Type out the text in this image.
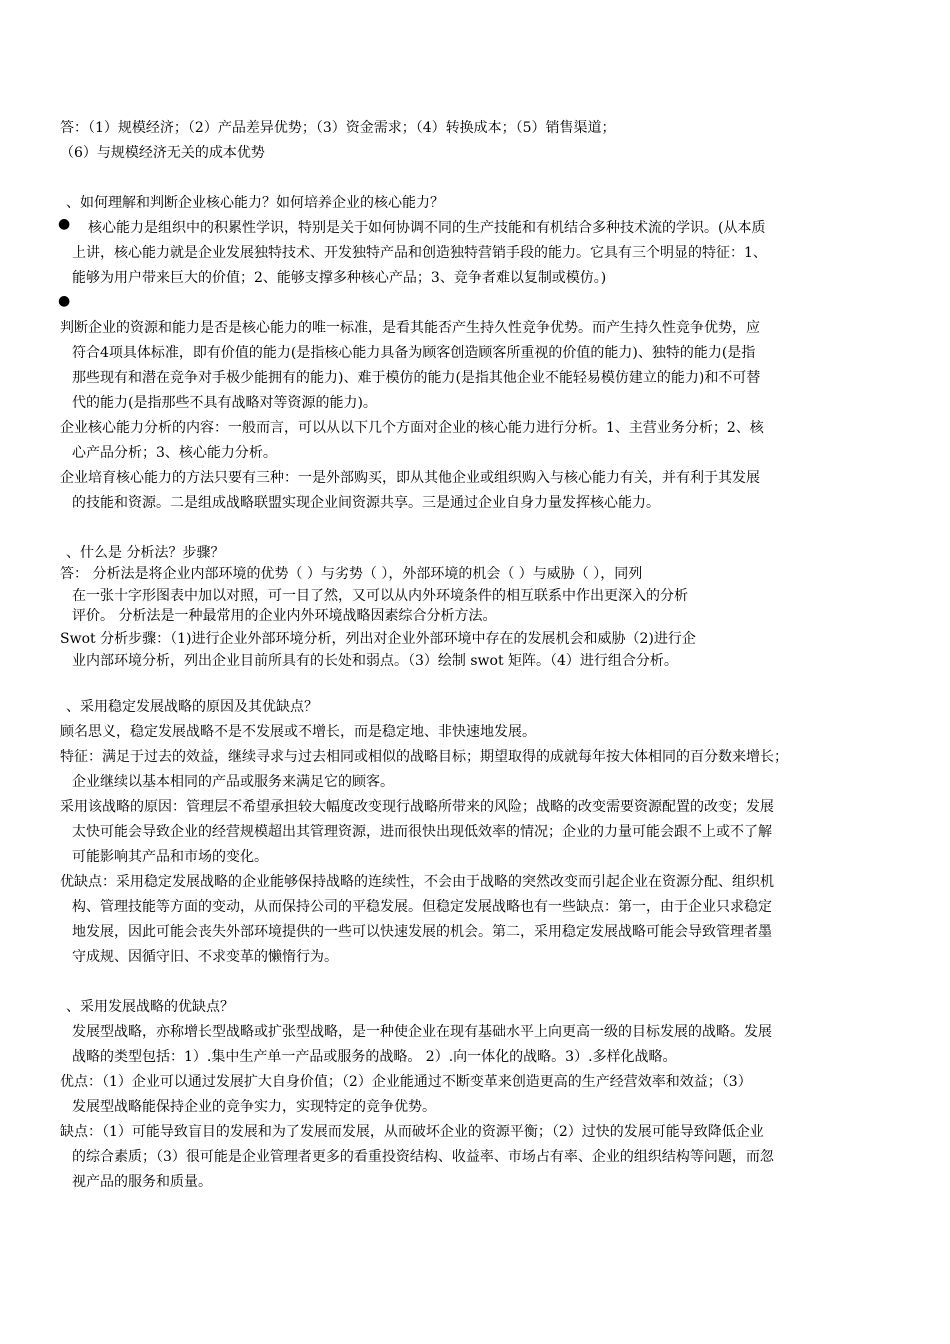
答：（1）规模经济；（2）产品差异优势；（3）资金需求；（4）转换成本；（5）销售渠道；
（6）与规模经济无关的成本优势
、如何理解和判断企业核心能力？如何培养企业的核心能力？
● 核心能力是组织中的积累性学识，特别是关于如何协调不同的生产技能和有机结合多种技术流的学识。(从本质
上讲，核心能力就是企业发展独特技术、开发独特产品和创造独特营销手段的能力。它具有三个明显的特征：1、
能够为用户带来巨大的价值；2、能够支撑多种核心产品；3、竞争者难以复制或模仿。)
●
判断企业的资源和能力是否是核心能力的唯一标准，是看其能否产生持久性竞争优势。而产生持久性竞争优势，应
符合4项具体标准，即有价值的能力(是指核心能力具备为顾客创造顾客所重视的价值的能力)、独特的能力(是指
那些现有和潜在竞争对手极少能拥有的能力)、难于模仿的能力(是指其他企业不能轻易模仿建立的能力)和不可替
代的能力(是指那些不具有战略对等资源的能力)。
企业核心能力分析的内容：一般而言，可以从以下几个方面对企业的核心能力进行分析。1、主营业务分析；2、核
心产品分析；3、核心能力分析。
企业培育核心能力的方法只要有三种：一是外部购买，即从其他企业或组织购入与核心能力有关，并有利于其发展
的技能和资源。二是组成战略联盟实现企业间资源共享。三是通过企业自身力量发挥核心能力。
、什么是 分析法？步骤？
答： 分析法是将企业内部环境的优势（ ）与劣势（ ），外部环境的机会（ ）与威胁（ ），同列
在一张十字形图表中加以对照，可一目了然，又可以从内外环境条件的相互联系中作出更深入的分析
评价。 分析法是一种最常用的企业内外环境战略因素综合分析方法。
Swot 分析步骤：（1)进行企业外部环境分析，列出对企业外部环境中存在的发展机会和威胁（2)进行企
业内部环境分析，列出企业目前所具有的长处和弱点。（3）绘制 swot 矩阵。（4）进行组合分析。
、采用稳定发展战略的原因及其优缺点？
顾名思义，稳定发展战略不是不发展或不增长，而是稳定地、非快速地发展。
特征：满足于过去的效益，继续寻求与过去相同或相似的战略目标；期望取得的成就每年按大体相同的百分数来增长；
企业继续以基本相同的产品或服务来满足它的顾客。
采用该战略的原因：管理层不希望承担较大幅度改变现行战略所带来的风险；战略的改变需要资源配置的改变；发展
太快可能会导致企业的经营规模超出其管理资源，进而很快出现低效率的情况；企业的力量可能会跟不上或不了解
可能影响其产品和市场的变化。
优缺点：采用稳定发展战略的企业能够保持战略的连续性，不会由于战略的突然改变而引起企业在资源分配、组织机
构、管理技能等方面的变动，从而保持公司的平稳发展。但稳定发展战略也有一些缺点：第一，由于企业只求稳定
地发展，因此可能会丧失外部环境提供的一些可以快速发展的机会。第二，采用稳定发展战略可能会导致管理者墨
守成规、因循守旧、不求变革的懒惰行为。
、采用发展战略的优缺点？
发展型战略，亦称增长型战略或扩张型战略，是一种使企业在现有基础水平上向更高一级的目标发展的战略。发展
战略的类型包括：1）.集中生产单一产品或服务的战略。 2）.向一体化的战略。3）.多样化战略。
优点：（1）企业可以通过发展扩大自身价值；（2）企业能通过不断变革来创造更高的生产经营效率和效益；（3）
发展型战略能保持企业的竞争实力，实现特定的竞争优势。
缺点：（1）可能导致盲目的发展和为了发展而发展，从而破坏企业的资源平衡；（2）过快的发展可能导致降低企业
的综合素质；（3）很可能是企业管理者更多的看重投资结构、收益率、市场占有率、企业的组织结构等问题，而忽
视产品的服务和质量。
